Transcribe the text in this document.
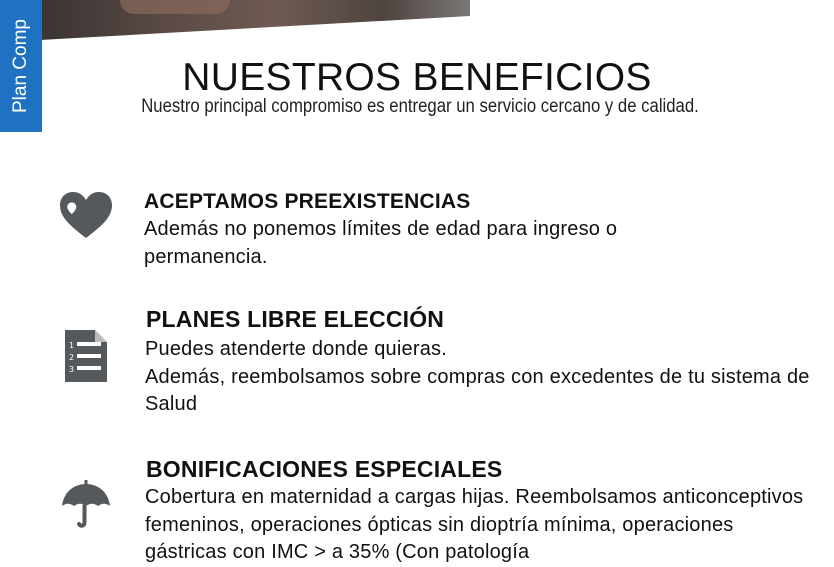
Plan Comp	NUESTROS BENEFICIOS

Nuestro principal compromiso es entregar un servicio cercano y de calidad.

ACEPTAMOS PREEXISTENCIAS

Además no ponemos límites de edad para ingreso o permanencia.

1
2
3
PLANES LIBRE ELECCIÓN

Puedes atenderte donde quieras.
Además, reembolsamos sobre compras con excedentes de tu sistema de Salud

BONIFICACIONES ESPECIALES

Cobertura en maternidad a cargas hijas. Reembolsamos anticonceptivos femeninos, operaciones ópticas sin dioptría mínima, operaciones gástricas con IMC > a 35% (Con patología
